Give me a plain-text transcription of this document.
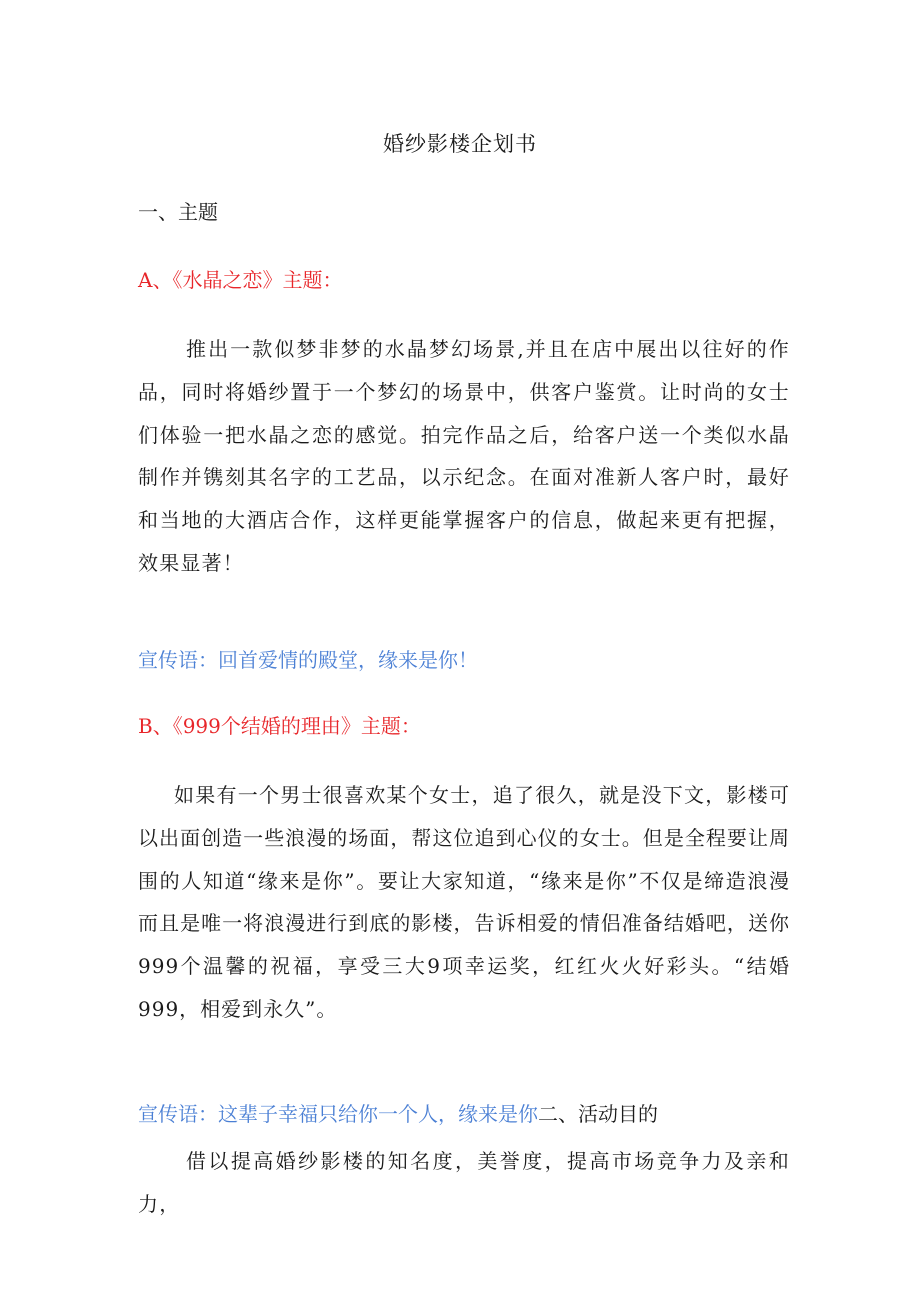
婚纱影楼企划书

一、主题

A、《水晶之恋》主题：

推出一款似梦非梦的水晶梦幻场景,并且在店中展出以往好的作品，同时将婚纱置于一个梦幻的场景中，供客户鉴赏。让时尚的女士们体验一把水晶之恋的感觉。拍完作品之后，给客户送一个类似水晶制作并镌刻其名字的工艺品，以示纪念。在面对准新人客户时，最好和当地的大酒店合作，这样更能掌握客户的信息，做起来更有把握，效果显著！

宣传语：回首爱情的殿堂，缘来是你！

B、《999个结婚的理由》主题：

如果有一个男士很喜欢某个女士，追了很久，就是没下文，影楼可以出面创造一些浪漫的场面，帮这位追到心仪的女士。但是全程要让周围的人知道“缘来是你”。要让大家知道，“缘来是你”不仅是缔造浪漫而且是唯一将浪漫进行到底的影楼，告诉相爱的情侣准备结婚吧，送你999个温馨的祝福，享受三大9项幸运奖，红红火火好彩头。“结婚999，相爱到永久”。

宣传语：这辈子幸福只给你一个人，缘来是你二、活动目的

借以提高婚纱影楼的知名度，美誉度，提高市场竞争力及亲和力，
